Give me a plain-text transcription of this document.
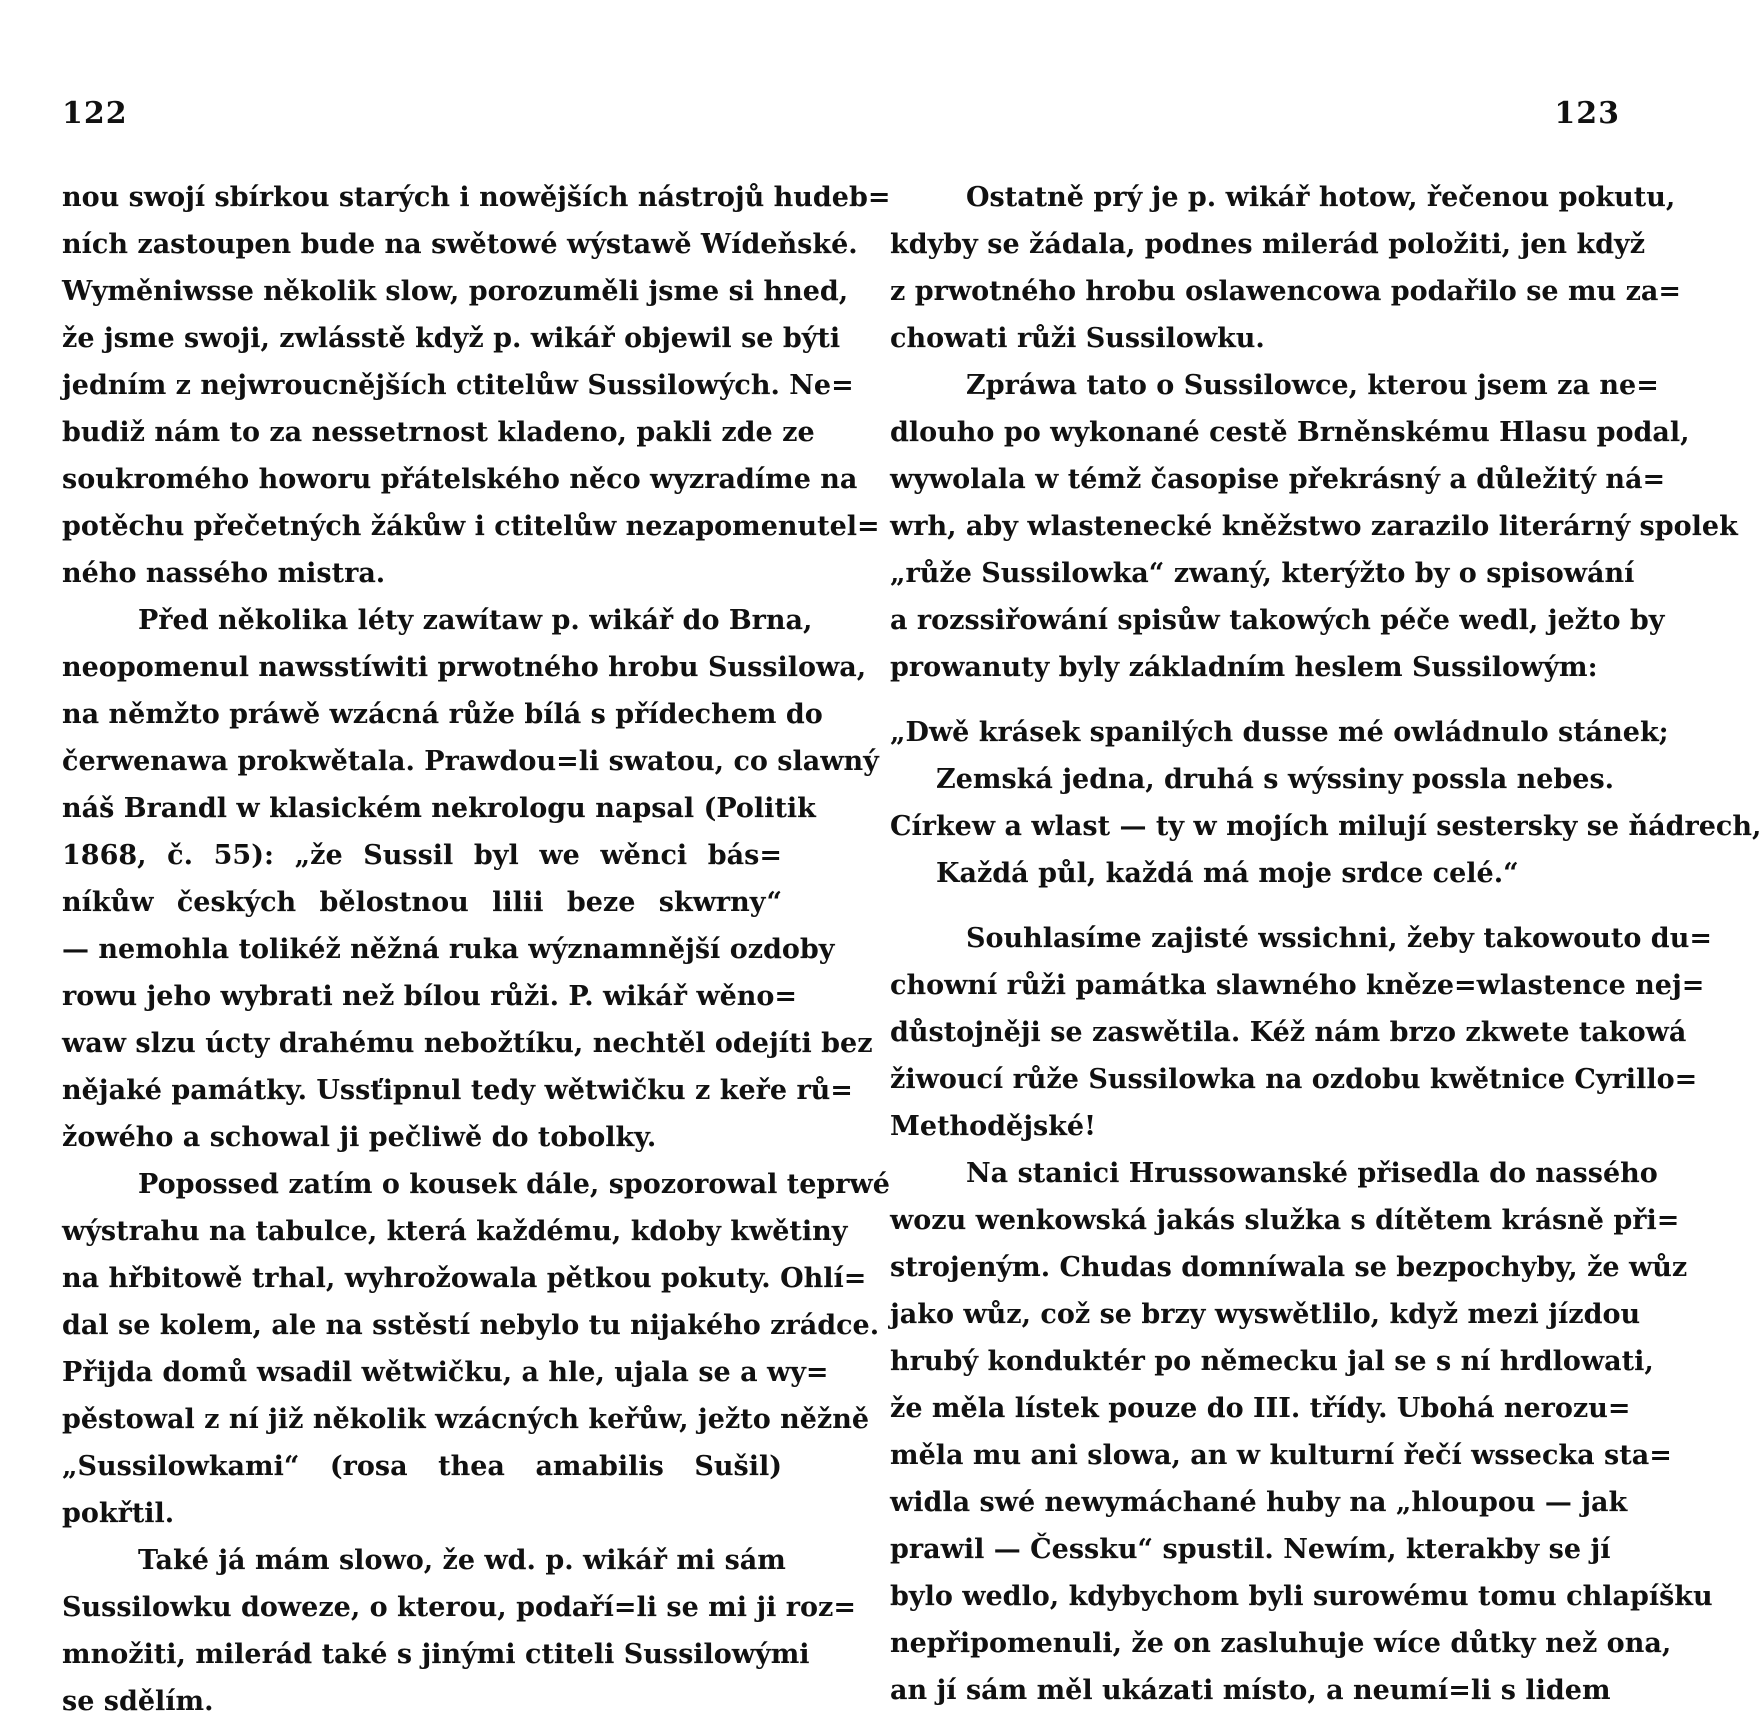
122
nou swojí sbírkou starých i nowějších nástrojů hudeb=
ních zastoupen bude na swětowé wýstawě Wídeňské.
Wyměniwsse několik slow, porozuměli jsme si hned,
že jsme swoji, zwlásstě když p. wikář objewil se býti
jedním z nejwroucnějších ctitelůw Sussilowých. Ne=
budiž nám to za nessetrnost kladeno, pakli zde ze
soukromého howoru přátelského něco wyzradíme na
potěchu přečetných žákůw i ctitelůw nezapomenutel=
ného nassého mistra.
Před několika léty zawítaw p. wikář do Brna,
neopomenul nawsstíwiti prwotného hrobu Sussilowa,
na němžto práwě wzácná růže bílá s přídechem do
čerwenawa prokwětala. Prawdou=li swatou, co slawný
náš Brandl w klasickém nekrologu napsal (Politik
1868, č. 55): „že Sussil byl we wěnci bás=
níkůw českých bělostnou lilii beze skwrny“
— nemohla tolikéž něžná ruka wýznamnější ozdoby
rowu jeho wybrati než bílou růži. P. wikář wěno=
waw slzu úcty drahému nebožtíku, nechtěl odejíti bez
nějaké památky. Ussťipnul tedy wětwičku z keře rů=
žowého a schowal ji pečliwě do tobolky.
Popossed zatím o kousek dále, spozorowal teprwé
wýstrahu na tabulce, která každému, kdoby kwětiny
na hřbitowě trhal, wyhrožowala pětkou pokuty. Ohlí=
dal se kolem, ale na sstěstí nebylo tu nijakého zrádce.
Přijda domů wsadil wětwičku, a hle, ujala se a wy=
pěstowal z ní již několik wzácných keřůw, ježto něžně
„Sussilowkami“ (rosa thea amabilis Sušil)
pokřtil.
Také já mám slowo, že wd. p. wikář mi sám
Sussilowku doweze, o kterou, podaří=li se mi ji roz=
množiti, milerád také s jinými ctiteli Sussilowými
se sdělím.
123
Ostatně prý je p. wikář hotow, řečenou pokutu,
kdyby se žádala, podnes milerád položiti, jen když
z prwotného hrobu oslawencowa podařilo se mu za=
chowati růži Sussilowku.
Zpráwa tato o Sussilowce, kterou jsem za ne=
dlouho po wykonané cestě Brněnskému Hlasu podal,
wywolala w témž časopise překrásný a důležitý ná=
wrh, aby wlastenecké kněžstwo zarazilo literárný spolek
„růže Sussilowka“ zwaný, kterýžto by o spisowání
a rozssiřowání spisůw takowých péče wedl, ježto by
prowanuty byly základním heslem Sussilowým:
„Dwě krásek spanilých dusse mé owládnulo stánek;
Zemská jedna, druhá s wýssiny possla nebes.
Církew a wlast — ty w mojích milují sestersky se ňádrech,
Každá půl, každá má moje srdce celé.“
Souhlasíme zajisté wssichni, žeby takowouto du=
chowní růži památka slawného kněze=wlastence nej=
důstojněji se zaswětila. Kéž nám brzo zkwete takowá
žiwoucí růže Sussilowka na ozdobu kwětnice Cyrillo=
Methodějské!
Na stanici Hrussowanské přisedla do nassého
wozu wenkowská jakás služka s dítětem krásně při=
strojeným. Chudas domníwala se bezpochyby, že wůz
jako wůz, což se brzy wyswětlilo, když mezi jízdou
hrubý konduktér po německu jal se s ní hrdlowati,
že měla lístek pouze do III. třídy. Ubohá nerozu=
měla mu ani slowa, an w kulturní řečí wssecka sta=
widla swé newymáchané huby na „hloupou — jak
prawil — Čessku“ spustil. Newím, kterakby se jí
bylo wedlo, kdybychom byli surowému tomu chlapíšku
nepřipomenuli, že on zasluhuje wíce důtky než ona,
an jí sám měl ukázati místo, a neumí=li s lidem
